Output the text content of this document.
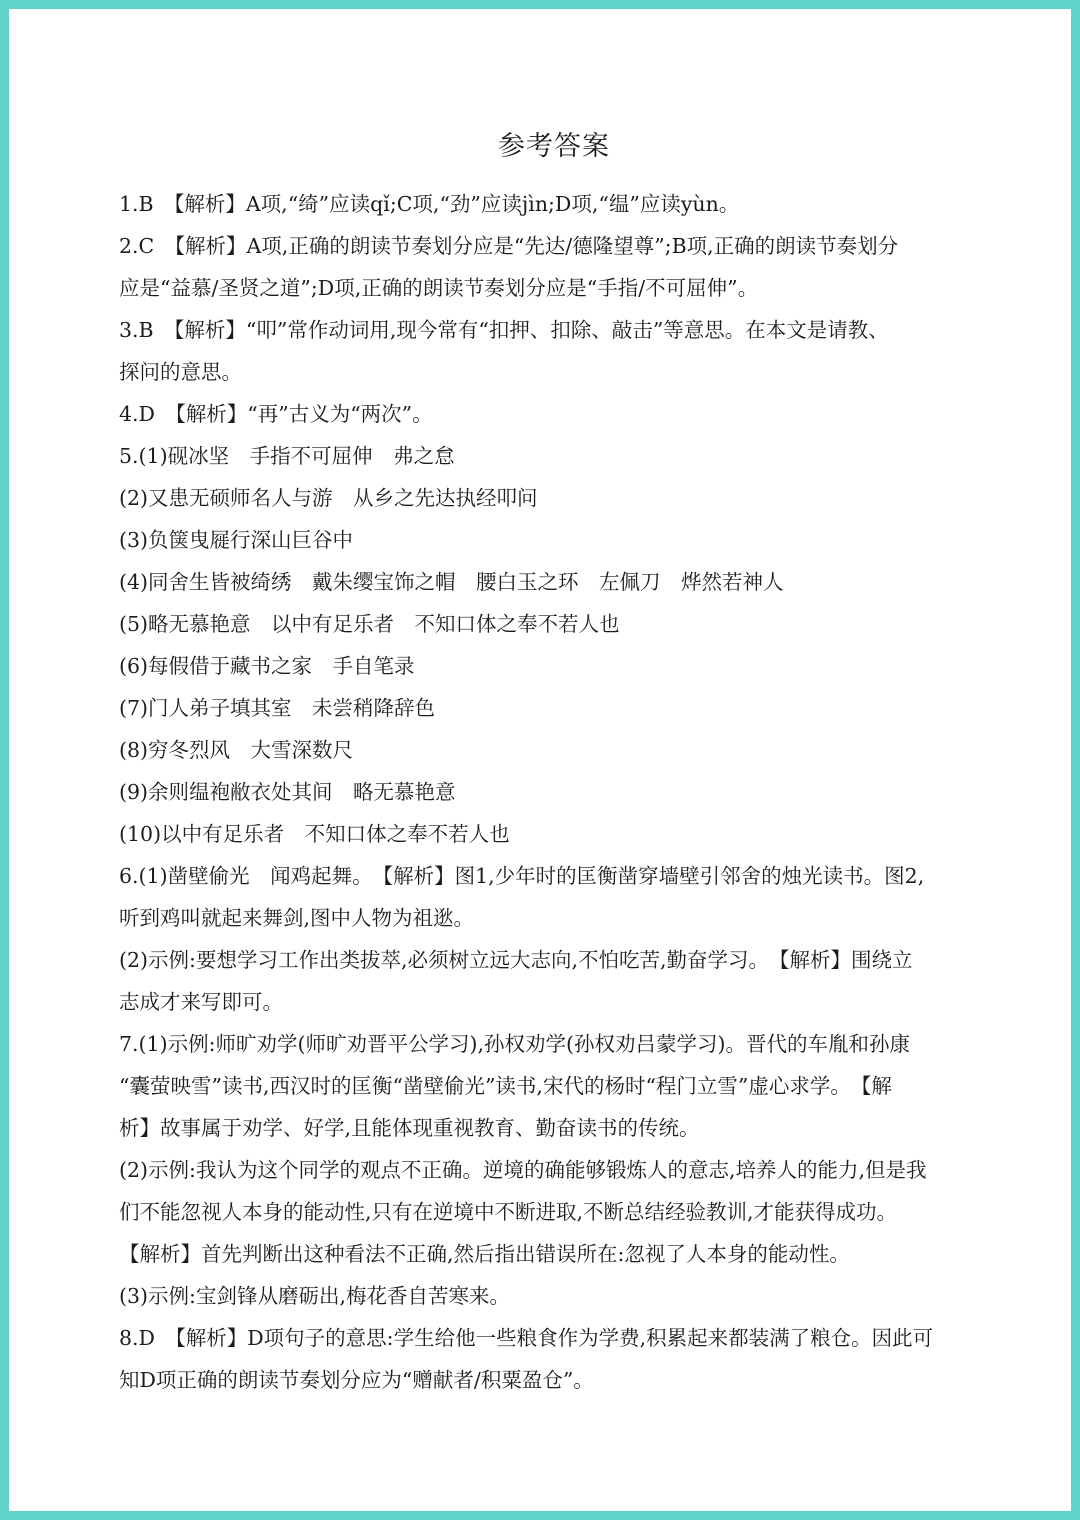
参考答案
1.B　【解析】A项,“绮”应读qǐ;C项,“劲”应读jìn;D项,“缊”应读yùn。
2.C　【解析】A项,正确的朗读节奏划分应是“先达/德隆望尊”;B项,正确的朗读节奏划分
应是“益慕/圣贤之道”;D项,正确的朗读节奏划分应是“手指/不可屈伸”。
3.B　【解析】“叩”常作动词用,现今常有“扣押、扣除、敲击”等意思。在本文是请教、
探问的意思。
4.D　【解析】“再”古义为“两次”。
5.(1)砚冰坚　手指不可屈伸　弗之怠
(2)又患无硕师名人与游　从乡之先达执经叩问
(3)负箧曳屣行深山巨谷中
(4)同舍生皆被绮绣　戴朱缨宝饰之帽　腰白玉之环　左佩刀　烨然若神人
(5)略无慕艳意　以中有足乐者　不知口体之奉不若人也
(6)每假借于藏书之家　手自笔录
(7)门人弟子填其室　未尝稍降辞色
(8)穷冬烈风　大雪深数尺
(9)余则缊袍敝衣处其间　略无慕艳意
(10)以中有足乐者　不知口体之奉不若人也
6.(1)凿壁偷光　闻鸡起舞。　【解析】图1,少年时的匡衡凿穿墙壁引邻舍的烛光读书。图2,
听到鸡叫就起来舞剑,图中人物为祖逖。
(2)示例:要想学习工作出类拔萃,必须树立远大志向,不怕吃苦,勤奋学习。　【解析】围绕立
志成才来写即可。
7.(1)示例:师旷劝学(师旷劝晋平公学习),孙权劝学(孙权劝吕蒙学习)。晋代的车胤和孙康
“囊萤映雪”读书,西汉时的匡衡“凿壁偷光”读书,宋代的杨时“程门立雪”虚心求学。　【解
析】故事属于劝学、好学,且能体现重视教育、勤奋读书的传统。
(2)示例:我认为这个同学的观点不正确。逆境的确能够锻炼人的意志,培养人的能力,但是我
们不能忽视人本身的能动性,只有在逆境中不断进取,不断总结经验教训,才能获得成功。
【解析】首先判断出这种看法不正确,然后指出错误所在:忽视了人本身的能动性。
(3)示例:宝剑锋从磨砺出,梅花香自苦寒来。
8.D　【解析】D项句子的意思:学生给他一些粮食作为学费,积累起来都装满了粮仓。因此可
知D项正确的朗读节奏划分应为“赠献者/积粟盈仓”。
